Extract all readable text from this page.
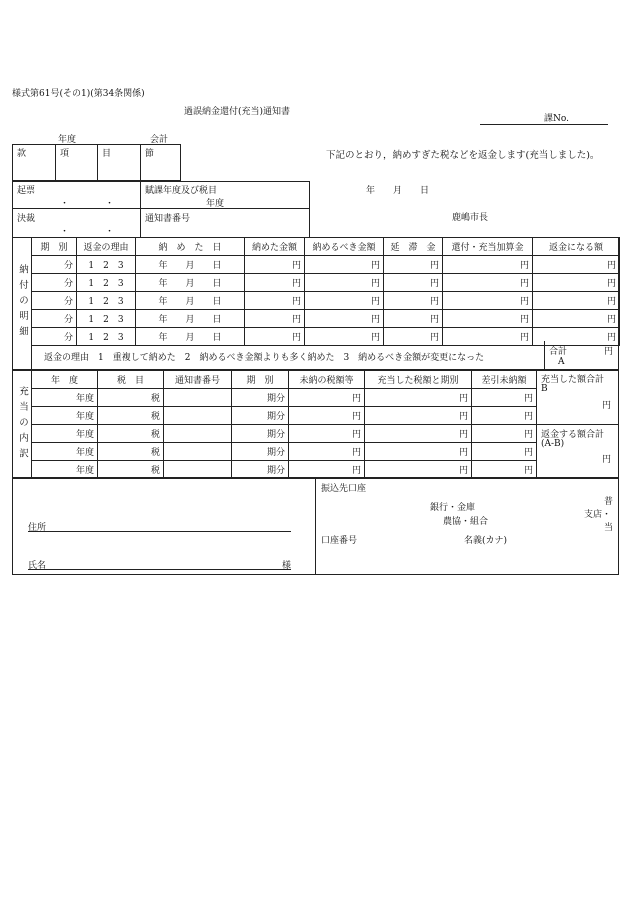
様式第61号(その1)(第34条関係)
過誤納金還付(充当)通知書
課No.
年度	会計
款	項	目	節	下記のとおり，納めすぎた税などを返金します(充当しました)。
起票
・　　　　・
決裁
・　　　　・
賦課年度及び税目
年度
通知書番号
年　　月　　日
鹿嶋市長
納付の明細
期　別	返金の理由	納　め　た　日	納めた金額	納めるべき金額	延　滞　金	還付・充当加算金	返金になる額
分	1　2　3	年　　月　　日	円	円	円	円	円
分	1　2　3	年　　月　　日	円	円	円	円	円
分	1　2　3	年　　月　　日	円	円	円	円	円
分	1　2　3	年　　月　　日	円	円	円	円	円
分	1　2　3	年　　月　　日	円	円	円	円	円
返金の理由　1　重複して納めた　2　納めるべき金額よりも多く納めた　3　納めるべき金額が変更になった
合計	円
A
充当の内訳
年　度	税　目	通知書番号	期　別	未納の税額等	充当した税額と期別	差引未納額
年度	税		期分	円	円	円
年度	税		期分	円	円	円
年度	税		期分	円	円	円
年度	税		期分	円	円	円
年度	税		期分	円	円	円
充当した額合計
B
円
返金する額合計
(A-B)
円
住所
氏名	様
振込先口座
銀行・金庫
農協・組合
普
支店・
当
口座番号	名義(カナ)
